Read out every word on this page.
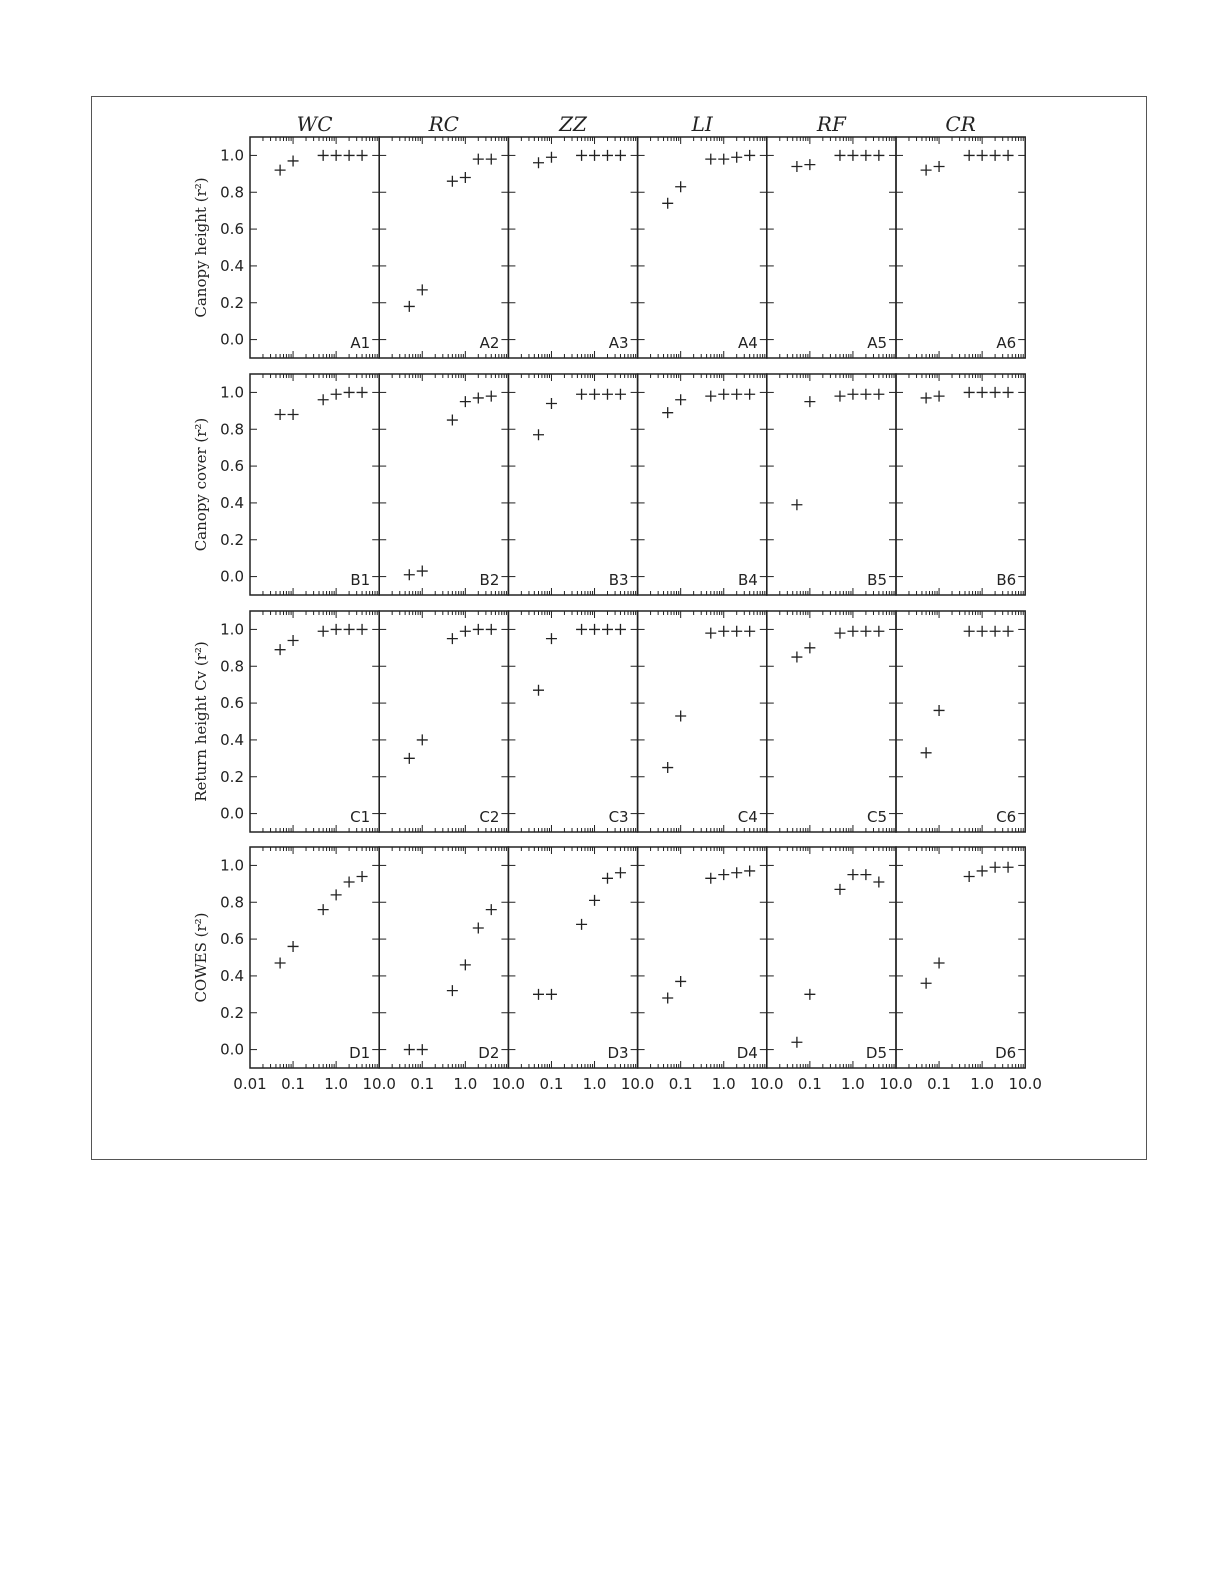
WC	RC	ZZ	LI	RF	CR
Canopy height (r²)
0.0
0.2
0.4
0.6
0.8
1.0
Canopy cover (r²)
0.0
0.2
0.4
0.6
0.8
1.0
Return height Cv (r²)
0.0
0.2
0.4
0.6
0.8
1.0
COWES (r²)
0.0
0.2
0.4
0.6
0.8
1.0
A1	A2	A3	A4	A5	A6
B1	B2	B3	B4	B5	B6
C1	C2	C3	C4	C5	C6
D1	D2	D3	D4	D5	D6
0.01 0.1 1.0 10.0 0.1 1.0 10.0 0.1 1.0 10.0 0.1 1.0 10.0 0.1 1.0 10.0 0.1 1.0 10.0
